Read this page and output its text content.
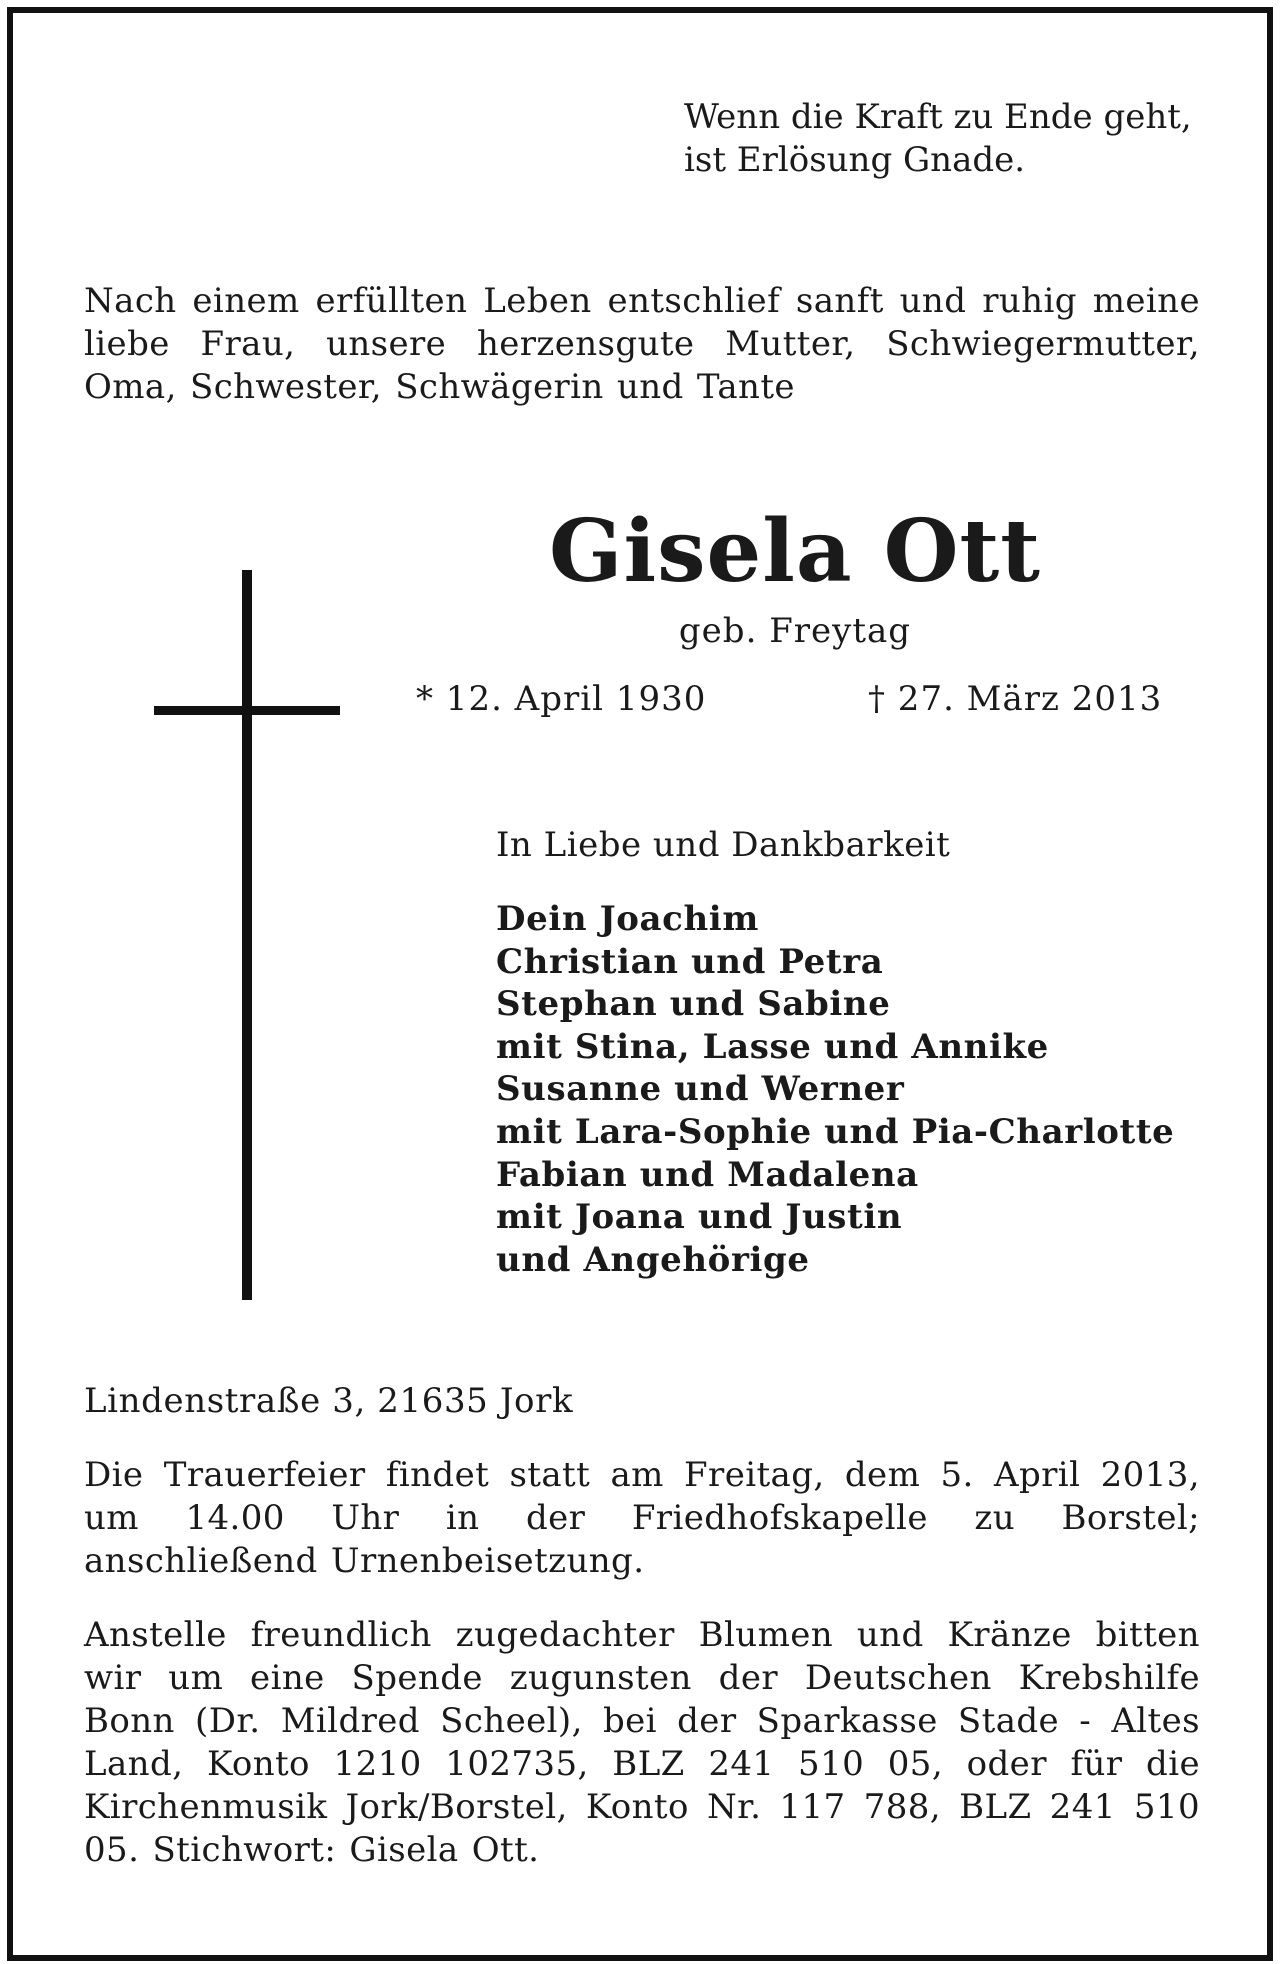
Wenn die Kraft zu Ende geht,
ist Erlösung Gnade.
Nach einem erfüllten Leben entschlief sanft und ruhig meine liebe Frau, unsere herzensgute Mutter, Schwiegermutter, Oma, Schwester, Schwägerin und Tante
Gisela Ott
geb. Freytag
* 12. April 1930	† 27. März 2013
In Liebe und Dankbarkeit
Dein Joachim
Christian und Petra
Stephan und Sabine
mit Stina, Lasse und Annike
Susanne und Werner
mit Lara-Sophie und Pia-Charlotte
Fabian und Madalena
mit Joana und Justin
und Angehörige
Lindenstraße 3, 21635 Jork
Die Trauerfeier findet statt am Freitag, dem 5. April 2013, um 14.00 Uhr in der Friedhofskapelle zu Borstel; anschließend Urnenbeisetzung.
Anstelle freundlich zugedachter Blumen und Kränze bitten wir um eine Spende zugunsten der Deutschen Krebshilfe Bonn (Dr. Mildred Scheel), bei der Sparkasse Stade - Altes Land, Konto 1210 102735, BLZ 241 510 05, oder für die Kirchenmusik Jork/Borstel, Konto Nr. 117 788, BLZ 241 510 05. Stichwort: Gisela Ott.
